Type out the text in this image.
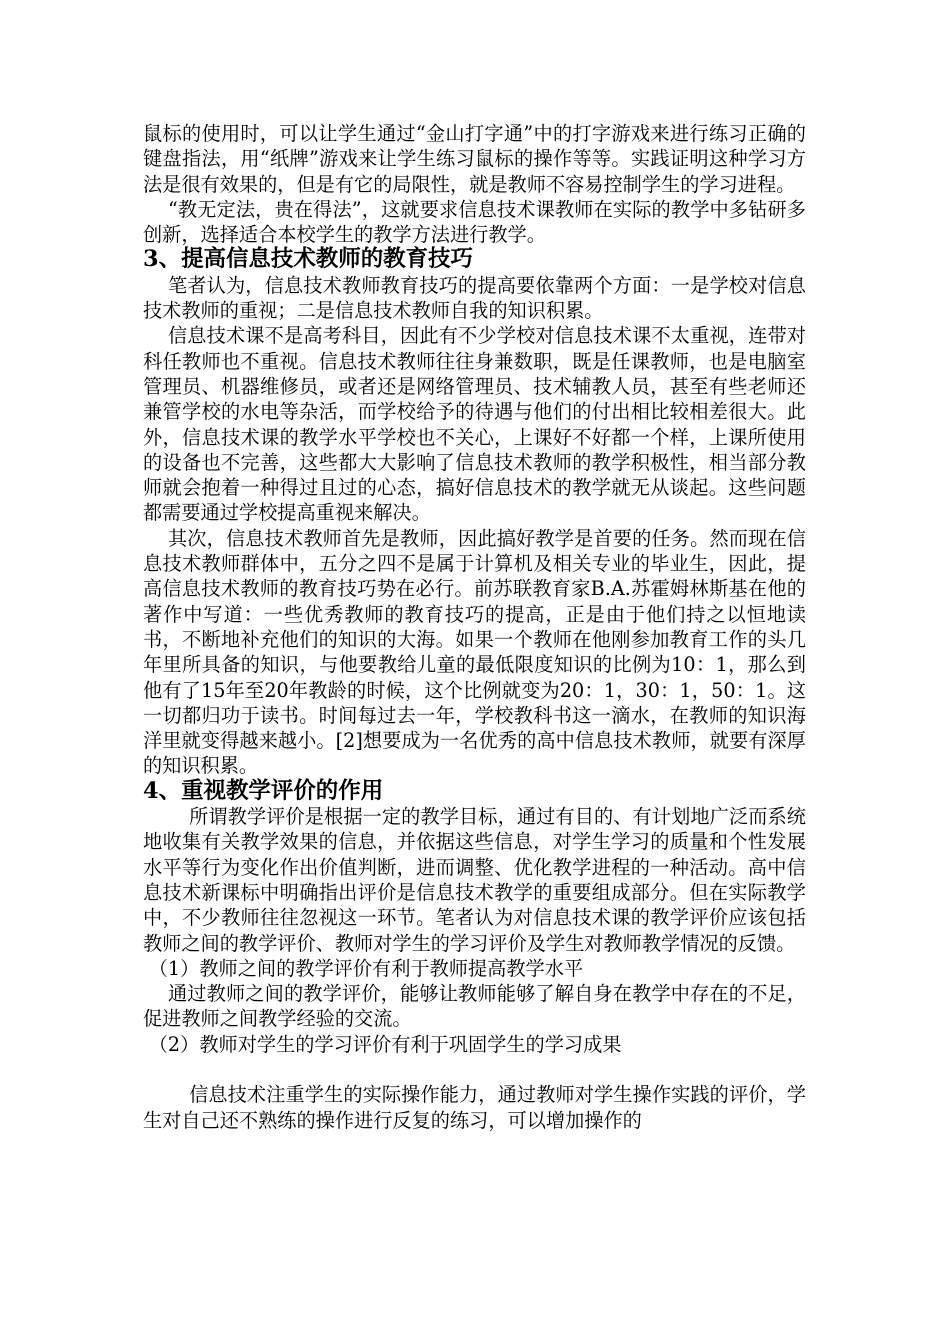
鼠标的使用时，可以让学生通过“金山打字通”中的打字游戏来进行练习正确的键盘指法，用“纸牌”游戏来让学生练习鼠标的操作等等。实践证明这种学习方法是很有效果的，但是有它的局限性，就是教师不容易控制学生的学习进程。

“教无定法，贵在得法”，这就要求信息技术课教师在实际的教学中多钻研多创新，选择适合本校学生的教学方法进行教学。

3、提高信息技术教师的教育技巧

笔者认为，信息技术教师教育技巧的提高要依靠两个方面：一是学校对信息技术教师的重视；二是信息技术教师自我的知识积累。

信息技术课不是高考科目，因此有不少学校对信息技术课不太重视，连带对科任教师也不重视。信息技术教师往往身兼数职，既是任课教师，也是电脑室管理员、机器维修员，或者还是网络管理员、技术辅教人员，甚至有些老师还兼管学校的水电等杂活，而学校给予的待遇与他们的付出相比较相差很大。此外，信息技术课的教学水平学校也不关心，上课好不好都一个样，上课所使用的设备也不完善，这些都大大影响了信息技术教师的教学积极性，相当部分教师就会抱着一种得过且过的心态，搞好信息技术的教学就无从谈起。这些问题都需要通过学校提高重视来解决。

其次，信息技术教师首先是教师，因此搞好教学是首要的任务。然而现在信息技术教师群体中，五分之四不是属于计算机及相关专业的毕业生，因此，提高信息技术教师的教育技巧势在必行。前苏联教育家B.A.苏霍姆林斯基在他的著作中写道：一些优秀教师的教育技巧的提高，正是由于他们持之以恒地读书，不断地补充他们的知识的大海。如果一个教师在他刚参加教育工作的头几年里所具备的知识，与他要教给儿童的最低限度知识的比例为10：1，那么到他有了15年至20年教龄的时候，这个比例就变为20：1，30：1，50：1。这一切都归功于读书。时间每过去一年，学校教科书这一滴水，在教师的知识海洋里就变得越来越小。[2]想要成为一名优秀的高中信息技术教师，就要有深厚的知识积累。

4、重视教学评价的作用

所谓教学评价是根据一定的教学目标，通过有目的、有计划地广泛而系统地收集有关教学效果的信息，并依据这些信息，对学生学习的质量和个性发展水平等行为变化作出价值判断，进而调整、优化教学进程的一种活动。高中信息技术新课标中明确指出评价是信息技术教学的重要组成部分。但在实际教学中，不少教师往往忽视这一环节。笔者认为对信息技术课的教学评价应该包括教师之间的教学评价、教师对学生的学习评价及学生对教师教学情况的反馈。

（1）教师之间的教学评价有利于教师提高教学水平

通过教师之间的教学评价，能够让教师能够了解自身在教学中存在的不足，促进教师之间教学经验的交流。

（2）教师对学生的学习评价有利于巩固学生的学习成果

信息技术注重学生的实际操作能力，通过教师对学生操作实践的评价，学生对自己还不熟练的操作进行反复的练习，可以增加操作的
